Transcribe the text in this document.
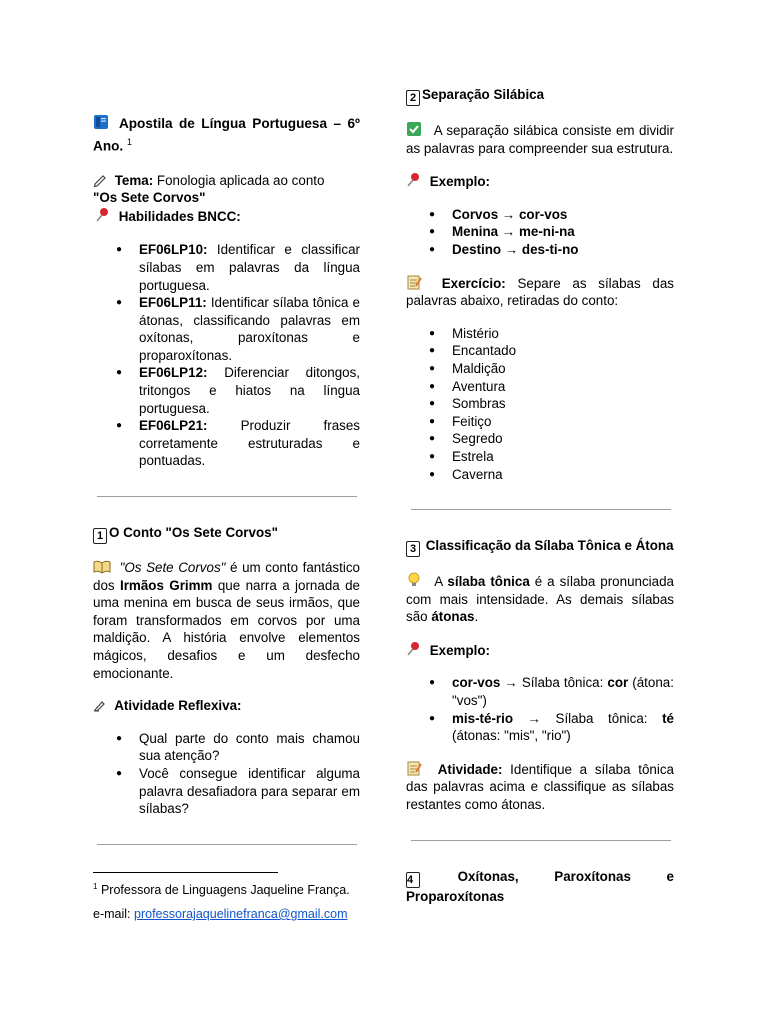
Apostila de Língua Portuguesa – 6º Ano. $^1$

Tema: Fonologia aplicada ao conto
"Os Sete Corvos"

Habilidades BNCC:

● EF06LP10: Identificar e classificar sílabas em palavras da língua portuguesa.
● EF06LP11: Identificar sílaba tônica e átonas, classificando palavras em oxítonas, paroxítonas e proparoxítonas.
● EF06LP12: Diferenciar ditongos, tritongos e hiatos na língua portuguesa.
● EF06LP21: Produzir frases corretamente estruturadas e pontuadas.

1 O Conto "Os Sete Corvos"

"Os Sete Corvos" é um conto fantástico dos Irmãos Grimm que narra a jornada de uma menina em busca de seus irmãos, que foram transformados em corvos por uma maldição. A história envolve elementos mágicos, desafios e um desfecho emocionante.

Atividade Reflexiva:

● Qual parte do conto mais chamou sua atenção?
● Você consegue identificar alguma palavra desafiadora para separar em sílabas?
$^1$ Professora de Linguagens Jaqueline França.
e-mail: professorajaquelinefranca@gmail.com

2 Separação Silábica

A separação silábica consiste em dividir as palavras para compreender sua estrutura.

Exemplo:

● Corvos → cor-vos
● Menina → me-ni-na
● Destino → des-ti-no

Exercício: Separe as sílabas das palavras abaixo, retiradas do conto:

● Mistério
● Encantado
● Maldição
● Aventura
● Sombras
● Feitiço
● Segredo
● Estrela
● Caverna

3 Classificação da Sílaba Tônica e Átona

A sílaba tônica é a sílaba pronunciada com mais intensidade. As demais sílabas são átonas.

Exemplo:

● cor-vos → Sílaba tônica: cor (átona: "vos")
● mis-té-rio → Sílaba tônica: té (átonas: "mis", "rio")

Atividade: Identifique a sílaba tônica das palavras acima e classifique as sílabas restantes como átonas.

4	Oxítonas, Paroxítonas e Proparoxítonas
